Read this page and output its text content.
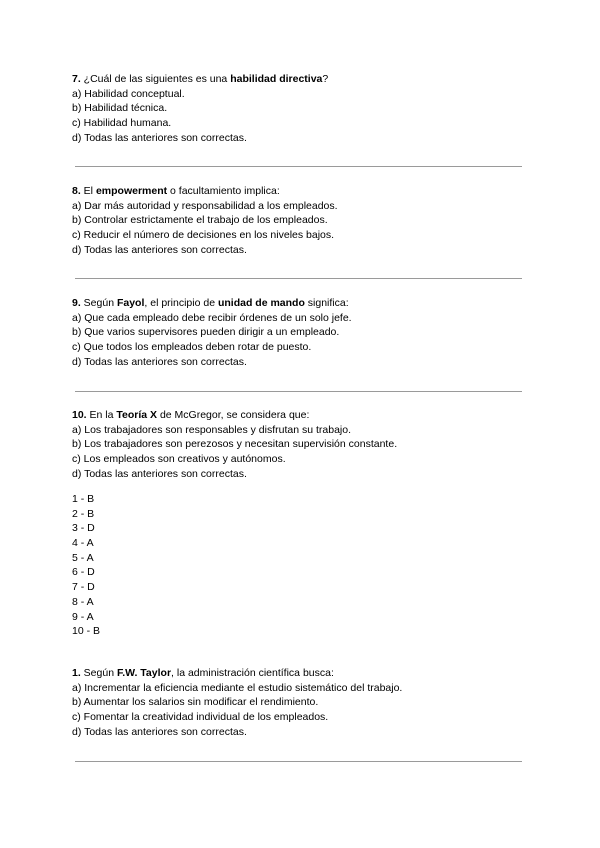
7. ¿Cuál de las siguientes es una habilidad directiva?
a) Habilidad conceptual.
b) Habilidad técnica.
c) Habilidad humana.
d) Todas las anteriores son correctas.
8. El empowerment o facultamiento implica:
a) Dar más autoridad y responsabilidad a los empleados.
b) Controlar estrictamente el trabajo de los empleados.
c) Reducir el número de decisiones en los niveles bajos.
d) Todas las anteriores son correctas.
9. Según Fayol, el principio de unidad de mando significa:
a) Que cada empleado debe recibir órdenes de un solo jefe.
b) Que varios supervisores pueden dirigir a un empleado.
c) Que todos los empleados deben rotar de puesto.
d) Todas las anteriores son correctas.
10. En la Teoría X de McGregor, se considera que:
a) Los trabajadores son responsables y disfrutan su trabajo.
b) Los trabajadores son perezosos y necesitan supervisión constante.
c) Los empleados son creativos y autónomos.
d) Todas las anteriores son correctas.
1 - B
2 - B
3 - D
4 - A
5 - A
6 - D
7 - D
8 - A
9 - A
10 - B
1. Según F.W. Taylor, la administración científica busca:
a) Incrementar la eficiencia mediante el estudio sistemático del trabajo.
b) Aumentar los salarios sin modificar el rendimiento.
c) Fomentar la creatividad individual de los empleados.
d) Todas las anteriores son correctas.
